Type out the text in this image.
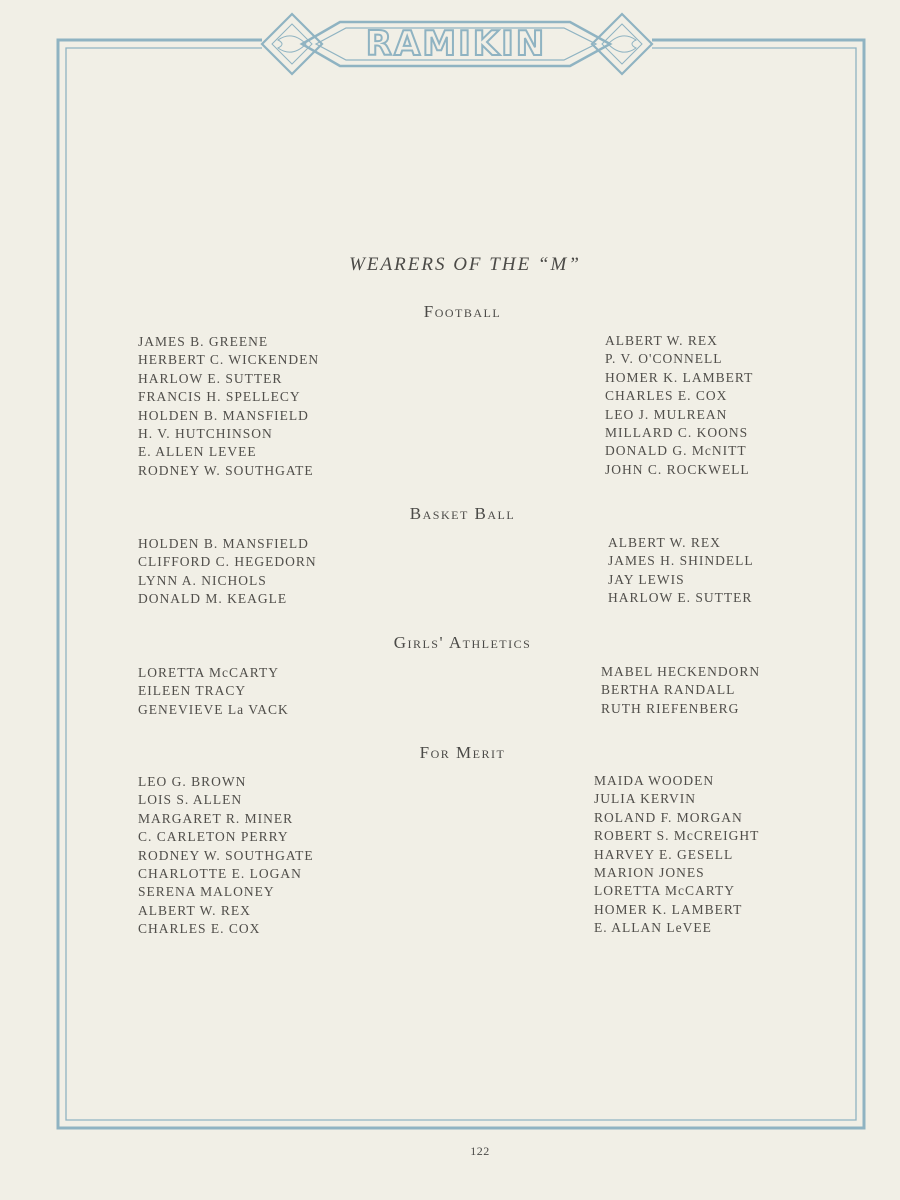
RAMIKIN
WEARERS OF THE “M”
Football
JAMES B. GREENE
HERBERT C. WICKENDEN
HARLOW E. SUTTER
FRANCIS H. SPELLECY
HOLDEN B. MANSFIELD
H. V. HUTCHINSON
E. ALLEN LEVEE
RODNEY W. SOUTHGATE
ALBERT W. REX
P. V. O'CONNELL
HOMER K. LAMBERT
CHARLES E. COX
LEO J. MULREAN
MILLARD C. KOONS
DONALD G. McNITT
JOHN C. ROCKWELL
Basket Ball
HOLDEN B. MANSFIELD
CLIFFORD C. HEGEDORN
LYNN A. NICHOLS
DONALD M. KEAGLE
ALBERT W. REX
JAMES H. SHINDELL
JAY LEWIS
HARLOW E. SUTTER
Girls' Athletics
LORETTA McCARTY
EILEEN TRACY
GENEVIEVE La VACK
MABEL HECKENDORN
BERTHA RANDALL
RUTH RIEFENBERG
For Merit
LEO G. BROWN
LOIS S. ALLEN
MARGARET R. MINER
C. CARLETON PERRY
RODNEY W. SOUTHGATE
CHARLOTTE E. LOGAN
SERENA MALONEY
ALBERT W. REX
CHARLES E. COX
MAIDA WOODEN
JULIA KERVIN
ROLAND F. MORGAN
ROBERT S. McCREIGHT
HARVEY E. GESELL
MARION JONES
LORETTA McCARTY
HOMER K. LAMBERT
E. ALLAN LeVEE
122
